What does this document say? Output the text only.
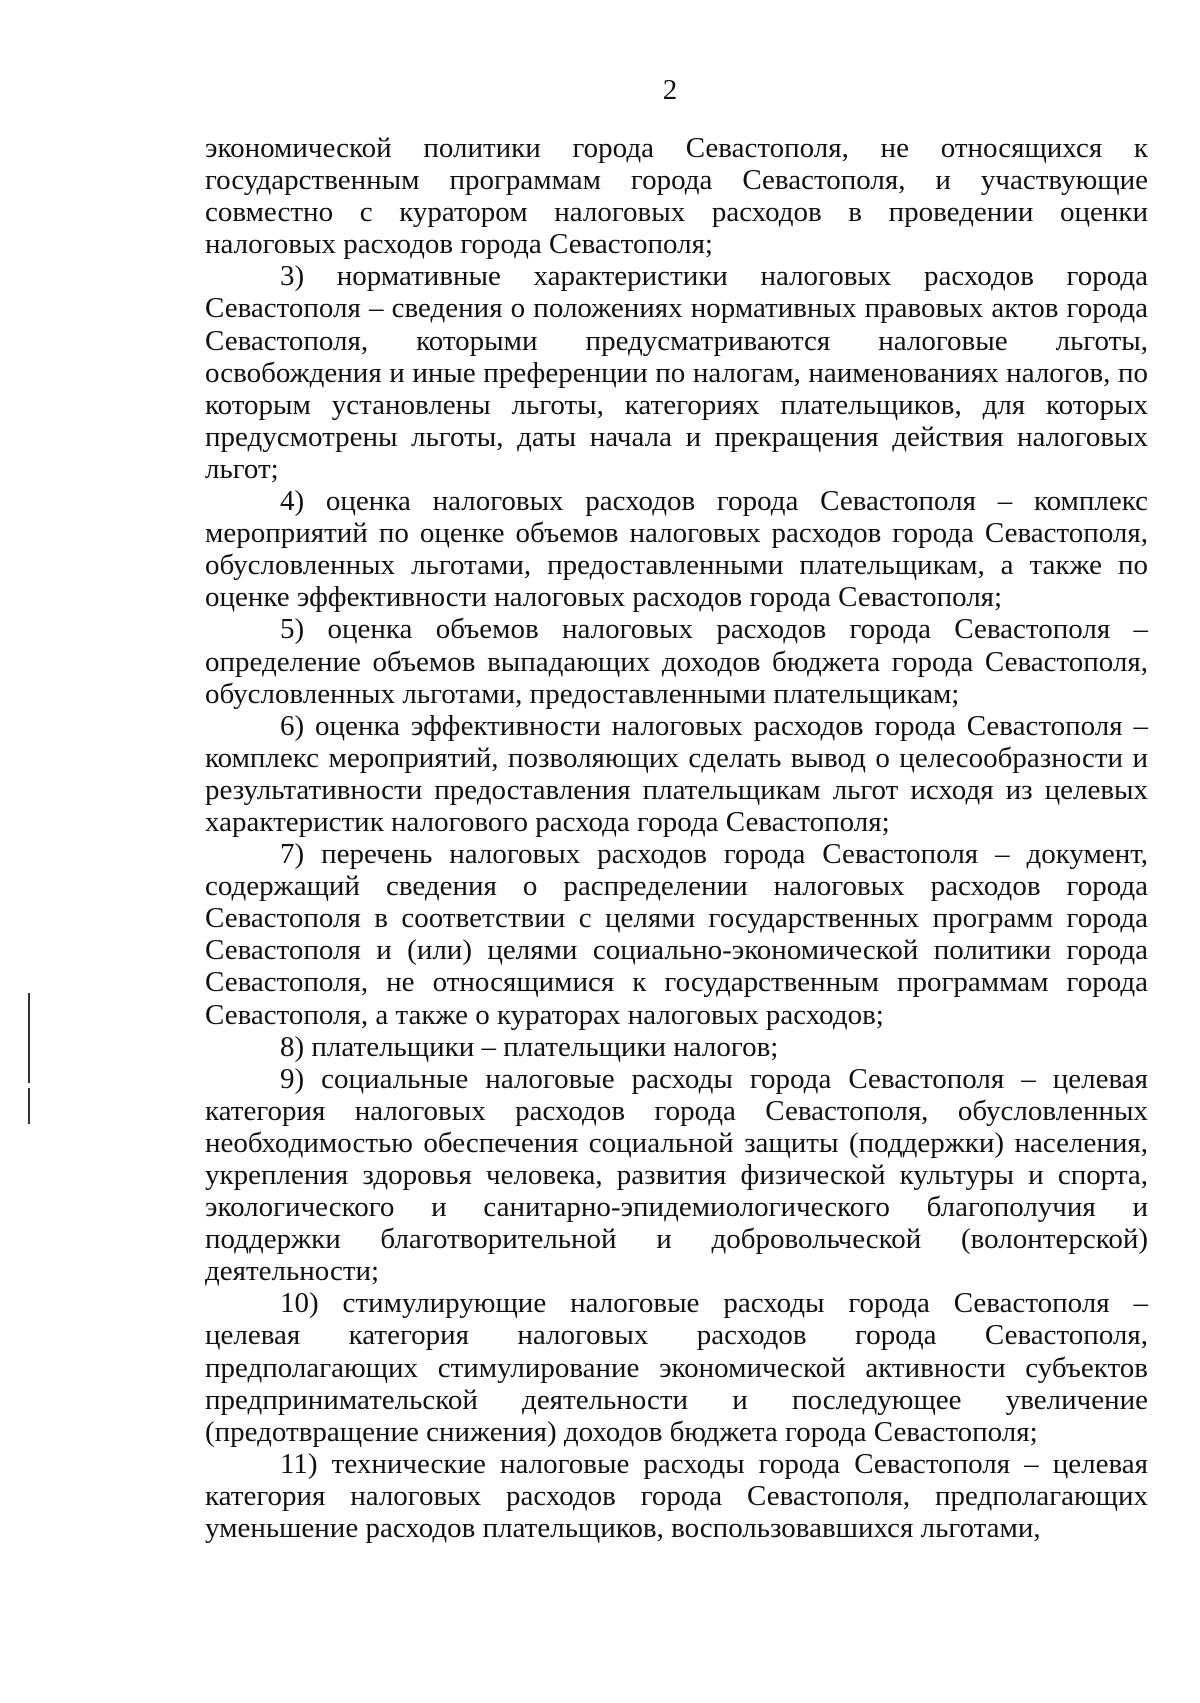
2

экономической политики города Севастополя, не относящихся к государственным программам города Севастополя, и участвующие совместно с куратором налоговых расходов в проведении оценки налоговых расходов города Севастополя;

3) нормативные характеристики налоговых расходов города Севастополя – сведения о положениях нормативных правовых актов города Севастополя, которыми предусматриваются налоговые льготы, освобождения и иные преференции по налогам, наименованиях налогов, по которым установлены льготы, категориях плательщиков, для которых предусмотрены льготы, даты начала и прекращения действия налоговых льгот;

4) оценка налоговых расходов города Севастополя – комплекс мероприятий по оценке объемов налоговых расходов города Севастополя, обусловленных льготами, предоставленными плательщикам, а также по оценке эффективности налоговых расходов города Севастополя;

5) оценка объемов налоговых расходов города Севастополя – определение объемов выпадающих доходов бюджета города Севастополя, обусловленных льготами, предоставленными плательщикам;

6) оценка эффективности налоговых расходов города Севастополя – комплекс мероприятий, позволяющих сделать вывод о целесообразности и результативности предоставления плательщикам льгот исходя из целевых характеристик налогового расхода города Севастополя;

7) перечень налоговых расходов города Севастополя – документ, содержащий сведения о распределении налоговых расходов города Севастополя в соответствии с целями государственных программ города Севастополя и (или) целями социально-экономической политики города Севастополя, не относящимися к государственным программам города Севастополя, а также о кураторах налоговых расходов;

8) плательщики – плательщики налогов;

9) социальные налоговые расходы города Севастополя – целевая категория налоговых расходов города Севастополя, обусловленных необходимостью обеспечения социальной защиты (поддержки) населения, укрепления здоровья человека, развития физической культуры и спорта, экологического и санитарно-эпидемиологического благополучия и поддержки благотворительной и добровольческой (волонтерской) деятельности;

10) стимулирующие налоговые расходы города Севастополя – целевая категория налоговых расходов города Севастополя, предполагающих стимулирование экономической активности субъектов предпринимательской деятельности и последующее увеличение (предотвращение снижения) доходов бюджета города Севастополя;

11) технические налоговые расходы города Севастополя – целевая категория налоговых расходов города Севастополя, предполагающих уменьшение расходов плательщиков, воспользовавшихся льготами,
